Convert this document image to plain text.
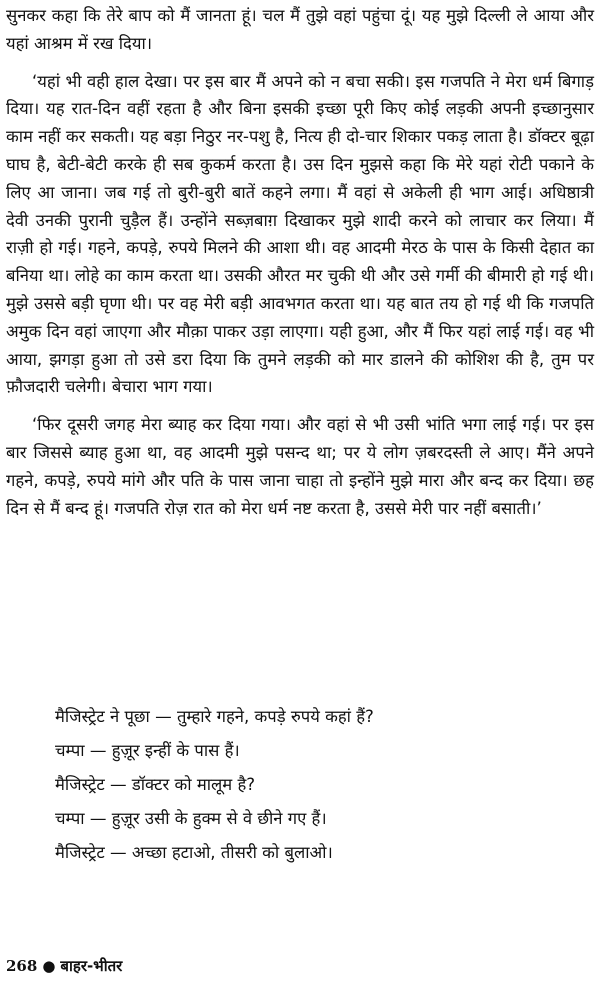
सुनकर कहा कि तेरे बाप को मैं जानता हूं। चल मैं तुझे वहां पहुंचा दूं। यह मुझे दिल्ली ले आया और यहां आश्रम में रख दिया।

‘यहां भी वही हाल देखा। पर इस बार मैं अपने को न बचा सकी। इस गजपति ने मेरा धर्म बिगाड़ दिया। यह रात-दिन वहीं रहता है और बिना इसकी इच्छा पूरी किए कोई लड़की अपनी इच्छानुसार काम नहीं कर सकती। यह बड़ा निठुर नर-पशु है, नित्य ही दो-चार शिकार पकड़ लाता है। डॉक्टर बूढ़ा घाघ है, बेटी-बेटी करके ही सब कुकर्म करता है। उस दिन मुझसे कहा कि मेरे यहां रोटी पकाने के लिए आ जाना। जब गई तो बुरी-बुरी बातें कहने लगा। मैं वहां से अकेली ही भाग आई। अधिष्ठात्री देवी उनकी पुरानी चुड़ैल हैं। उन्होंने सब्ज़बाग़ दिखाकर मुझे शादी करने को लाचार कर लिया। मैं राज़ी हो गई। गहने, कपड़े, रुपये मिलने की आशा थी। वह आदमी मेरठ के पास के किसी देहात का बनिया था। लोहे का काम करता था। उसकी औरत मर चुकी थी और उसे गर्मी की बीमारी हो गई थी। मुझे उससे बड़ी घृणा थी। पर वह मेरी बड़ी आवभगत करता था। यह बात तय हो गई थी कि गजपति अमुक दिन वहां जाएगा और मौक़ा पाकर उड़ा लाएगा। यही हुआ, और मैं फिर यहां लाई गई। वह भी आया, झगड़ा हुआ तो उसे डरा दिया कि तुमने लड़की को मार डालने की कोशिश की है, तुम पर फ़ौजदारी चलेगी। बेचारा भाग गया।

‘फिर दूसरी जगह मेरा ब्याह कर दिया गया। और वहां से भी उसी भांति भगा लाई गई। पर इस बार जिससे ब्याह हुआ था, वह आदमी मुझे पसन्द था; पर ये लोग ज़बरदस्ती ले आए। मैंने अपने गहने, कपड़े, रुपये मांगे और पति के पास जाना चाहा तो इन्होंने मुझे मारा और बन्द कर दिया। छह दिन से मैं बन्द हूं। गजपति रोज़ रात को मेरा धर्म नष्ट करता है, उससे मेरी पार नहीं बसाती।’

मैजिस्ट्रेट ने पूछा — तुम्हारे गहने, कपड़े रुपये कहां हैं?
चम्पा — हुज़ूर इन्हीं के पास हैं।
मैजिस्ट्रेट — डॉक्टर को मालूम है?
चम्पा — हुज़ूर उसी के हुक्म से वे छीने गए हैं।
मैजिस्ट्रेट — अच्छा हटाओ, तीसरी को बुलाओ।
268 ● बाहर-भीतर
